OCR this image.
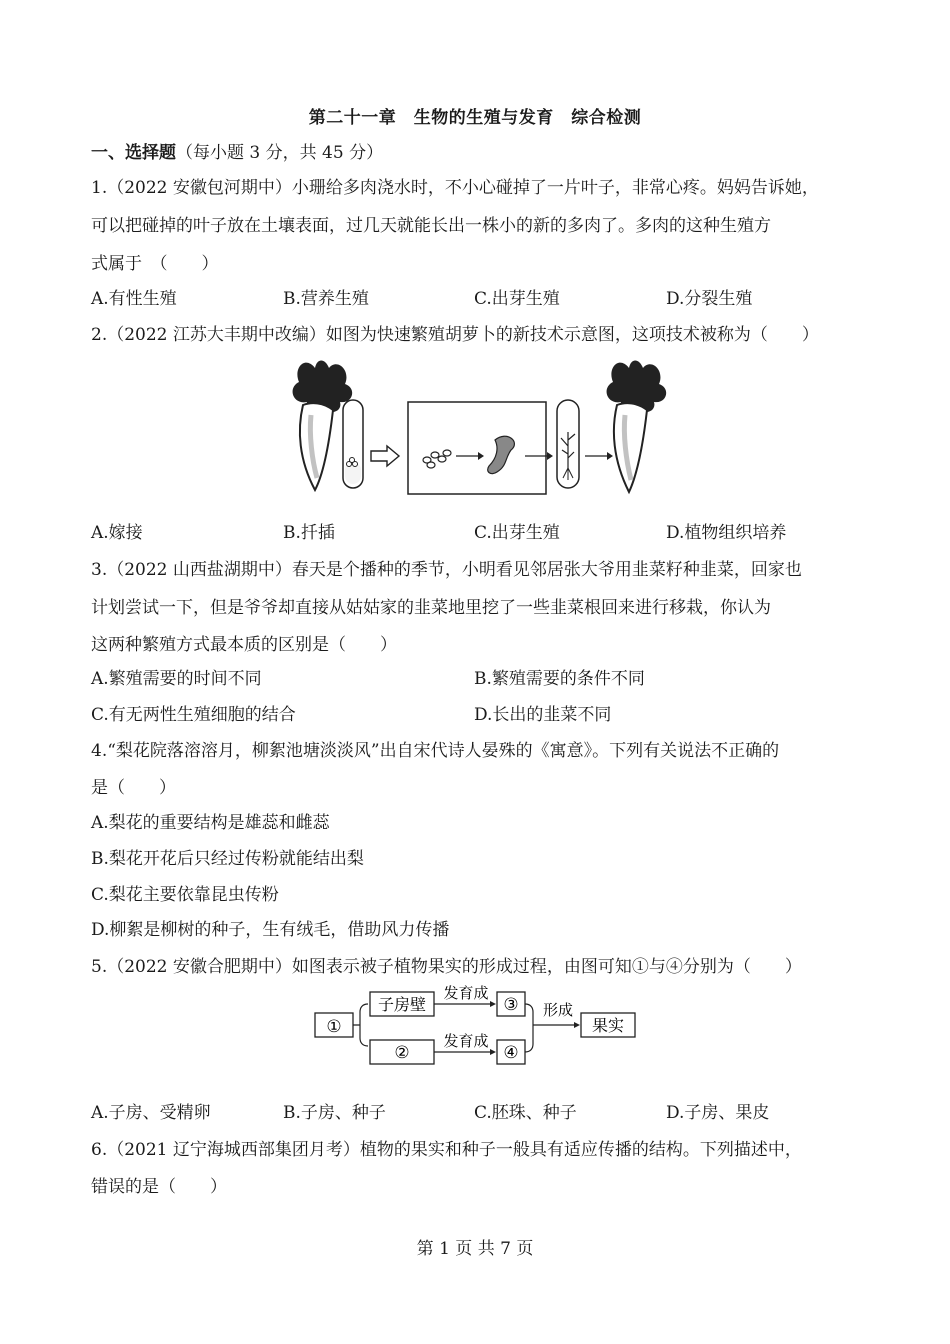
第二十一章　生物的生殖与发育　综合检测
一、选择题（每小题 3 分，共 45 分）
1.（2022 安徽包河期中）小珊给多肉浇水时，不小心碰掉了一片叶子，非常心疼。妈妈告诉她，
可以把碰掉的叶子放在土壤表面，过几天就能长出一株小的新的多肉了。多肉的这种生殖方
式属于　（　　）
A.有性生殖	B.营养生殖	C.出芽生殖	D.分裂生殖
2.（2022 江苏大丰期中改编）如图为快速繁殖胡萝卜的新技术示意图，这项技术被称为（　　）
A.嫁接	B.扦插	C.出芽生殖	D.植物组织培养
3.（2022 山西盐湖期中）春天是个播种的季节，小明看见邻居张大爷用韭菜籽种韭菜，回家也
计划尝试一下，但是爷爷却直接从姑姑家的韭菜地里挖了一些韭菜根回来进行移栽，你认为
这两种繁殖方式最本质的区别是（　　）
A.繁殖需要的时间不同	B.繁殖需要的条件不同
C.有无两性生殖细胞的结合	D.长出的韭菜不同
4.“梨花院落溶溶月，柳絮池塘淡淡风”出自宋代诗人晏殊的《寓意》。下列有关说法不正确的
是（　　）
A.梨花的重要结构是雄蕊和雌蕊
B.梨花开花后只经过传粉就能结出梨
C.梨花主要依靠昆虫传粉
D.柳絮是柳树的种子，生有绒毛，借助风力传播
5.（2022 安徽合肥期中）如图表示被子植物果实的形成过程，由图可知①与④分别为（　　）
①
子房壁
②
发育成
发育成
③
④
形成
果实
A.子房、受精卵	B.子房、种子	C.胚珠、种子	D.子房、果皮
6.（2021 辽宁海城西部集团月考）植物的果实和种子一般具有适应传播的结构。下列描述中，
错误的是（　　）
第 1 页 共 7 页
